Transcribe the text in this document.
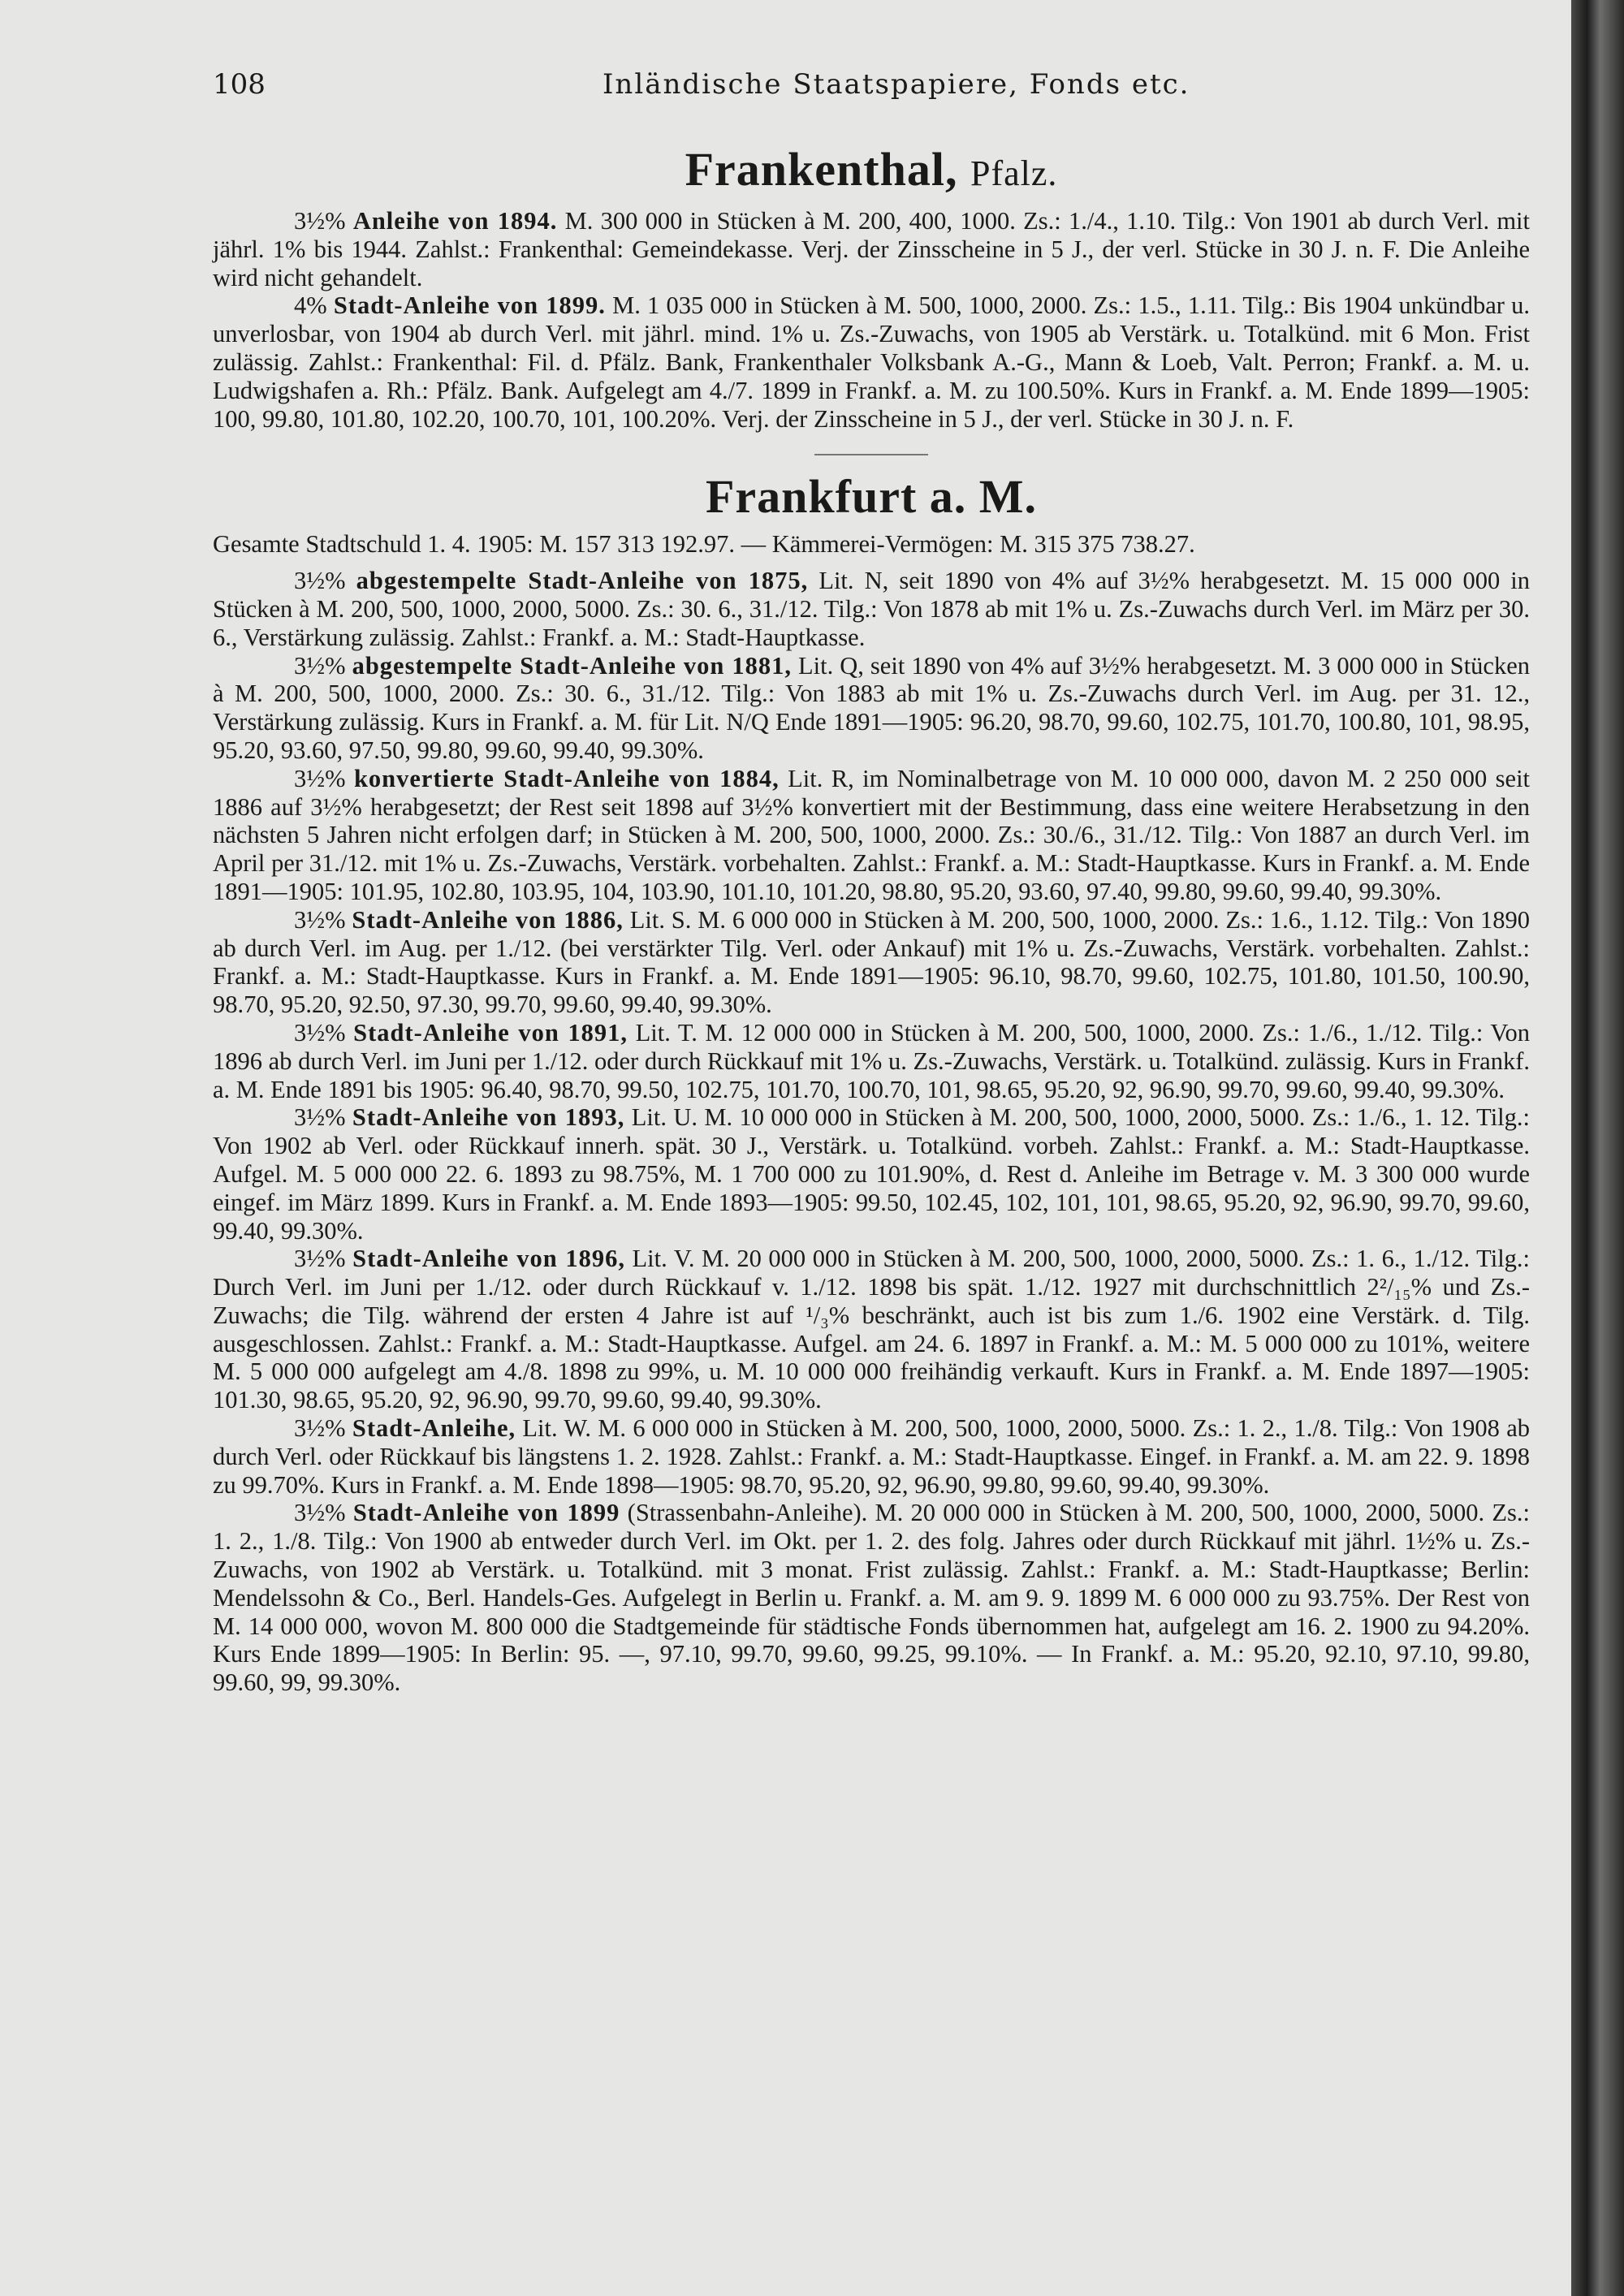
108	Inländische Staatspapiere, Fonds etc.
Frankenthal, Pfalz.

3½% Anleihe von 1894. M. 300 000 in Stücken à M. 200, 400, 1000. Zs.: 1./4., 1.10. Tilg.: Von 1901 ab durch Verl. mit jährl. 1% bis 1944. Zahlst.: Frankenthal: Gemeindekasse. Verj. der Zinsscheine in 5 J., der verl. Stücke in 30 J. n. F. Die Anleihe wird nicht gehandelt.

4% Stadt-Anleihe von 1899. M. 1 035 000 in Stücken à M. 500, 1000, 2000. Zs.: 1.5., 1.11. Tilg.: Bis 1904 unkündbar u. unverlosbar, von 1904 ab durch Verl. mit jährl. mind. 1% u. Zs.-Zuwachs, von 1905 ab Verstärk. u. Totalkünd. mit 6 Mon. Frist zulässig. Zahlst.: Frankenthal: Fil. d. Pfälz. Bank, Frankenthaler Volksbank A.-G., Mann & Loeb, Valt. Perron; Frankf. a. M. u. Ludwigshafen a. Rh.: Pfälz. Bank. Aufgelegt am 4./7. 1899 in Frankf. a. M. zu 100.50%. Kurs in Frankf. a. M. Ende 1899—1905: 100, 99.80, 101.80, 102.20, 100.70, 101, 100.20%. Verj. der Zinsscheine in 5 J., der verl. Stücke in 30 J. n. F.

Frankfurt a. M.
Gesamte Stadtschuld 1. 4. 1905: M. 157 313 192.97. — Kämmerei-Vermögen: M. 315 375 738.27.

3½% abgestempelte Stadt-Anleihe von 1875, Lit. N, seit 1890 von 4% auf 3½% herabgesetzt. M. 15 000 000 in Stücken à M. 200, 500, 1000, 2000, 5000. Zs.: 30. 6., 31./12. Tilg.: Von 1878 ab mit 1% u. Zs.-Zuwachs durch Verl. im März per 30. 6., Verstärkung zulässig. Zahlst.: Frankf. a. M.: Stadt-Hauptkasse.

3½% abgestempelte Stadt-Anleihe von 1881, Lit. Q, seit 1890 von 4% auf 3½% herabgesetzt. M. 3 000 000 in Stücken à M. 200, 500, 1000, 2000. Zs.: 30. 6., 31./12. Tilg.: Von 1883 ab mit 1% u. Zs.-Zuwachs durch Verl. im Aug. per 31. 12., Verstärkung zulässig. Kurs in Frankf. a. M. für Lit. N/Q Ende 1891—1905: 96.20, 98.70, 99.60, 102.75, 101.70, 100.80, 101, 98.95, 95.20, 93.60, 97.50, 99.80, 99.60, 99.40, 99.30%.

3½% konvertierte Stadt-Anleihe von 1884, Lit. R, im Nominalbetrage von M. 10 000 000, davon M. 2 250 000 seit 1886 auf 3½% herabgesetzt; der Rest seit 1898 auf 3½% konvertiert mit der Bestimmung, dass eine weitere Herabsetzung in den nächsten 5 Jahren nicht erfolgen darf; in Stücken à M. 200, 500, 1000, 2000. Zs.: 30./6., 31./12. Tilg.: Von 1887 an durch Verl. im April per 31./12. mit 1% u. Zs.-Zuwachs, Verstärk. vorbehalten. Zahlst.: Frankf. a. M.: Stadt-Hauptkasse. Kurs in Frankf. a. M. Ende 1891—1905: 101.95, 102.80, 103.95, 104, 103.90, 101.10, 101.20, 98.80, 95.20, 93.60, 97.40, 99.80, 99.60, 99.40, 99.30%.

3½% Stadt-Anleihe von 1886, Lit. S. M. 6 000 000 in Stücken à M. 200, 500, 1000, 2000. Zs.: 1.6., 1.12. Tilg.: Von 1890 ab durch Verl. im Aug. per 1./12. (bei verstärkter Tilg. Verl. oder Ankauf) mit 1% u. Zs.-Zuwachs, Verstärk. vorbehalten. Zahlst.: Frankf. a. M.: Stadt-Hauptkasse. Kurs in Frankf. a. M. Ende 1891—1905: 96.10, 98.70, 99.60, 102.75, 101.80, 101.50, 100.90, 98.70, 95.20, 92.50, 97.30, 99.70, 99.60, 99.40, 99.30%.

3½% Stadt-Anleihe von 1891, Lit. T. M. 12 000 000 in Stücken à M. 200, 500, 1000, 2000. Zs.: 1./6., 1./12. Tilg.: Von 1896 ab durch Verl. im Juni per 1./12. oder durch Rückkauf mit 1% u. Zs.-Zuwachs, Verstärk. u. Totalkünd. zulässig. Kurs in Frankf. a. M. Ende 1891 bis 1905: 96.40, 98.70, 99.50, 102.75, 101.70, 100.70, 101, 98.65, 95.20, 92, 96.90, 99.70, 99.60, 99.40, 99.30%.

3½% Stadt-Anleihe von 1893, Lit. U. M. 10 000 000 in Stücken à M. 200, 500, 1000, 2000, 5000. Zs.: 1./6., 1. 12. Tilg.: Von 1902 ab Verl. oder Rückkauf innerh. spät. 30 J., Verstärk. u. Totalkünd. vorbeh. Zahlst.: Frankf. a. M.: Stadt-Hauptkasse. Aufgel. M. 5 000 000 22. 6. 1893 zu 98.75%, M. 1 700 000 zu 101.90%, d. Rest d. Anleihe im Betrage v. M. 3 300 000 wurde eingef. im März 1899. Kurs in Frankf. a. M. Ende 1893—1905: 99.50, 102.45, 102, 101, 101, 98.65, 95.20, 92, 96.90, 99.70, 99.60, 99.40, 99.30%.

3½% Stadt-Anleihe von 1896, Lit. V. M. 20 000 000 in Stücken à M. 200, 500, 1000, 2000, 5000. Zs.: 1. 6., 1./12. Tilg.: Durch Verl. im Juni per 1./12. oder durch Rückkauf v. 1./12. 1898 bis spät. 1./12. 1927 mit durchschnittlich 2²/₁₅% und Zs.-Zuwachs; die Tilg. während der ersten 4 Jahre ist auf ¹/₃% beschränkt, auch ist bis zum 1./6. 1902 eine Verstärk. d. Tilg. ausgeschlossen. Zahlst.: Frankf. a. M.: Stadt-Hauptkasse. Aufgel. am 24. 6. 1897 in Frankf. a. M.: M. 5 000 000 zu 101%, weitere M. 5 000 000 aufgelegt am 4./8. 1898 zu 99%, u. M. 10 000 000 freihändig verkauft. Kurs in Frankf. a. M. Ende 1897—1905: 101.30, 98.65, 95.20, 92, 96.90, 99.70, 99.60, 99.40, 99.30%.

3½% Stadt-Anleihe, Lit. W. M. 6 000 000 in Stücken à M. 200, 500, 1000, 2000, 5000. Zs.: 1. 2., 1./8. Tilg.: Von 1908 ab durch Verl. oder Rückkauf bis längstens 1. 2. 1928. Zahlst.: Frankf. a. M.: Stadt-Hauptkasse. Eingef. in Frankf. a. M. am 22. 9. 1898 zu 99.70%. Kurs in Frankf. a. M. Ende 1898—1905: 98.70, 95.20, 92, 96.90, 99.80, 99.60, 99.40, 99.30%.

3½% Stadt-Anleihe von 1899 (Strassenbahn-Anleihe). M. 20 000 000 in Stücken à M. 200, 500, 1000, 2000, 5000. Zs.: 1. 2., 1./8. Tilg.: Von 1900 ab entweder durch Verl. im Okt. per 1. 2. des folg. Jahres oder durch Rückkauf mit jährl. 1½% u. Zs.-Zuwachs, von 1902 ab Verstärk. u. Totalkünd. mit 3 monat. Frist zulässig. Zahlst.: Frankf. a. M.: Stadt-Hauptkasse; Berlin: Mendelssohn & Co., Berl. Handels-Ges. Aufgelegt in Berlin u. Frankf. a. M. am 9. 9. 1899 M. 6 000 000 zu 93.75%. Der Rest von M. 14 000 000, wovon M. 800 000 die Stadtgemeinde für städtische Fonds übernommen hat, aufgelegt am 16. 2. 1900 zu 94.20%. Kurs Ende 1899—1905: In Berlin: 95. —, 97.10, 99.70, 99.60, 99.25, 99.10%. — In Frankf. a. M.: 95.20, 92.10, 97.10, 99.80, 99.60, 99, 99.30%.
